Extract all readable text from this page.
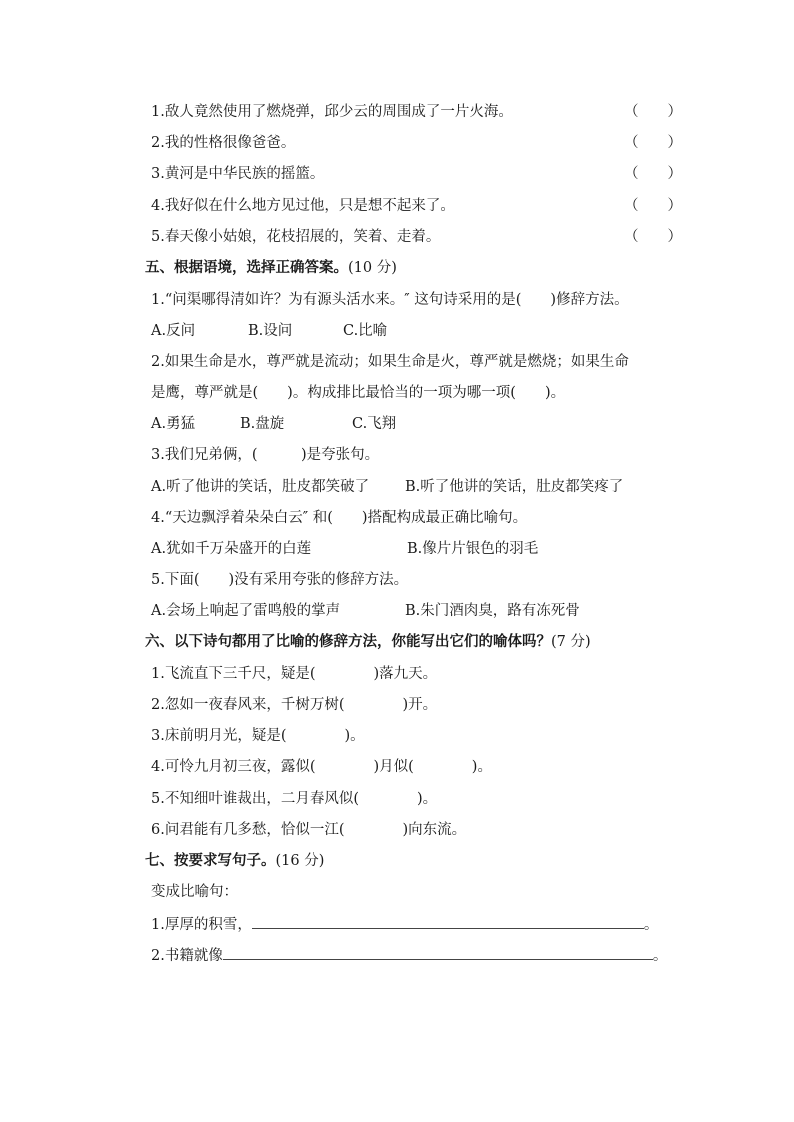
1.敌人竟然使用了燃烧弹，邱少云的周围成了一片火海。	（　　）
2.我的性格很像爸爸。	（　　）
3.黄河是中华民族的摇篮。	（　　）
4.我好似在什么地方见过他，只是想不起来了。	（　　）
5.春天像小姑娘，花枝招展的，笑着、走着。	（　　）
五、根据语境，选择正确答案。(10 分)
1.“问渠哪得清如许？为有源头活水来。″ 这句诗采用的是(　　)修辞方法。
A.反问	B.设问	C.比喻
2.如果生命是水，尊严就是流动；如果生命是火，尊严就是燃烧；如果生命
是鹰，尊严就是(　　)。构成排比最恰当的一项为哪一项(　　)。
A.勇猛	B.盘旋	C.飞翔
3.我们兄弟俩，(　　　)是夸张句。
A.听了他讲的笑话，肚皮都笑破了 B.听了他讲的笑话，肚皮都笑疼了
4.“天边飘浮着朵朵白云″ 和(　　)搭配构成最正确比喻句。
A.犹如千万朵盛开的白莲	B.像片片银色的羽毛
5.下面(　　)没有采用夸张的修辞方法。
A.会场上响起了雷鸣般的掌声	B.朱门酒肉臭，路有冻死骨
六、以下诗句都用了比喻的修辞方法，你能写出它们的喻体吗？(7 分)
1.飞流直下三千尺，疑是(　　　　)落九天。
2.忽如一夜春风来，千树万树(　　　　)开。
3.床前明月光，疑是(　　　　)。
4.可怜九月初三夜，露似(　　　　)月似(　　　　)。
5.不知细叶谁裁出，二月春风似(　　　　)。
6.问君能有几多愁，恰似一江(　　　　)向东流。
七、按要求写句子。(16 分)
变成比喻句：
1.厚厚的积雪，	。
2.书籍就像	。
